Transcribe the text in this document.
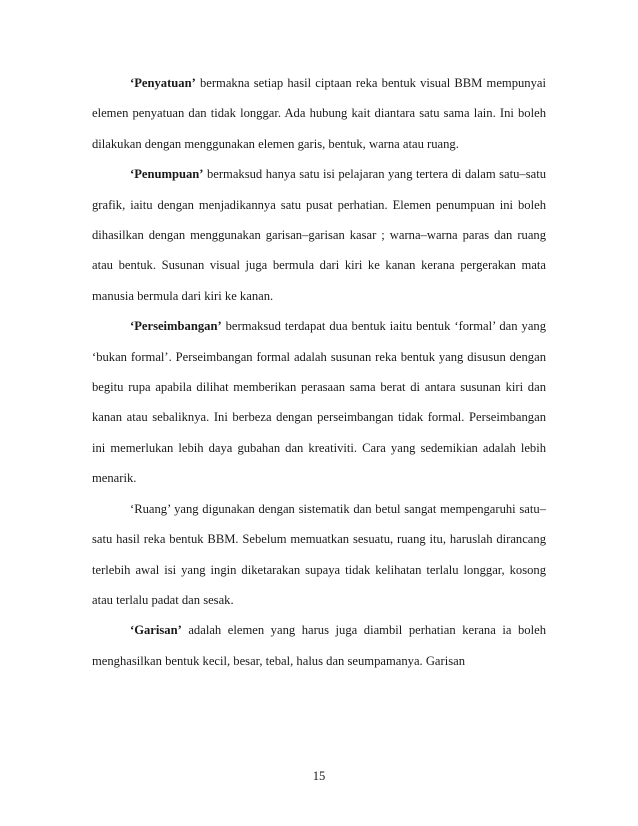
‘Penyatuan’ bermakna setiap hasil ciptaan reka bentuk visual BBM mempunyai elemen penyatuan dan tidak longgar. Ada hubung kait diantara satu sama lain. Ini boleh dilakukan dengan menggunakan elemen garis, bentuk, warna atau ruang.

‘Penumpuan’ bermaksud hanya satu isi pelajaran yang tertera di dalam satu–satu grafik, iaitu dengan menjadikannya satu pusat perhatian. Elemen penumpuan ini boleh dihasilkan dengan menggunakan garisan–garisan kasar ; warna–warna paras dan ruang atau bentuk. Susunan visual juga bermula dari kiri ke kanan kerana pergerakan mata manusia bermula dari kiri ke kanan.

‘Perseimbangan’ bermaksud terdapat dua bentuk iaitu bentuk ‘formal’ dan yang ‘bukan formal’. Perseimbangan formal adalah susunan reka bentuk yang disusun dengan begitu rupa apabila dilihat memberikan perasaan sama berat di antara susunan kiri dan kanan atau sebaliknya. Ini berbeza dengan perseimbangan tidak formal. Perseimbangan ini memerlukan lebih daya gubahan dan kreativiti. Cara yang sedemikian adalah lebih menarik.

‘Ruang’ yang digunakan dengan sistematik dan betul sangat mempengaruhi satu–satu hasil reka bentuk BBM. Sebelum memuatkan sesuatu, ruang itu, haruslah dirancang terlebih awal isi yang ingin diketarakan supaya tidak kelihatan terlalu longgar, kosong atau terlalu padat dan sesak.

‘Garisan’ adalah elemen yang harus juga diambil perhatian kerana ia boleh menghasilkan bentuk kecil, besar, tebal, halus dan seumpamanya. Garisan

15
